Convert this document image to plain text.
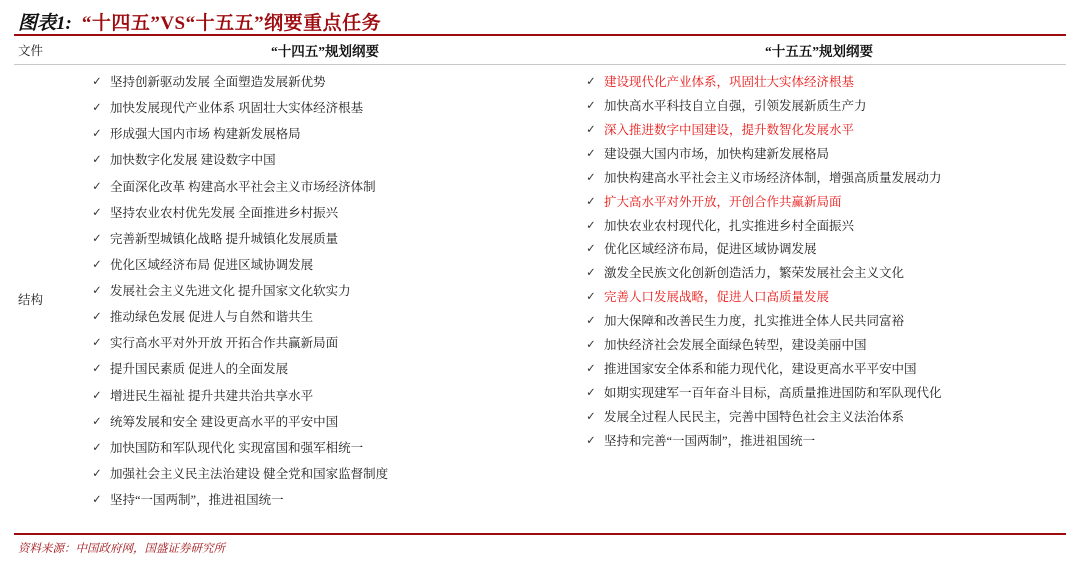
图表1: “十四五”VS“十五五”纲要重点任务
文件	“十四五”规划纲要	“十五五”规划纲要
结构
✓ 坚持创新驱动发展 全面塑造发展新优势
✓ 加快发展现代产业体系 巩固壮大实体经济根基
✓ 形成强大国内市场 构建新发展格局
✓ 加快数字化发展 建设数字中国
✓ 全面深化改革 构建高水平社会主义市场经济体制
✓ 坚持农业农村优先发展 全面推进乡村振兴
✓ 完善新型城镇化战略 提升城镇化发展质量
✓ 优化区域经济布局 促进区域协调发展
✓ 发展社会主义先进文化 提升国家文化软实力
✓ 推动绿色发展 促进人与自然和谐共生
✓ 实行高水平对外开放 开拓合作共赢新局面
✓ 提升国民素质 促进人的全面发展
✓ 增进民生福祉 提升共建共治共享水平
✓ 统筹发展和安全 建设更高水平的平安中国
✓ 加快国防和军队现代化 实现富国和强军相统一
✓ 加强社会主义民主法治建设 健全党和国家监督制度
✓ 坚持“一国两制”，推进祖国统一
✓ 建设现代化产业体系，巩固壮大实体经济根基
✓ 加快高水平科技自立自强，引领发展新质生产力
✓ 深入推进数字中国建设，提升数智化发展水平
✓ 建设强大国内市场，加快构建新发展格局
✓ 加快构建高水平社会主义市场经济体制，增强高质量发展动力
✓ 扩大高水平对外开放，开创合作共赢新局面
✓ 加快农业农村现代化，扎实推进乡村全面振兴
✓ 优化区域经济布局，促进区域协调发展
✓ 激发全民族文化创新创造活力，繁荣发展社会主义文化
✓ 完善人口发展战略，促进人口高质量发展
✓ 加大保障和改善民生力度，扎实推进全体人民共同富裕
✓ 加快经济社会发展全面绿色转型，建设美丽中国
✓ 推进国家安全体系和能力现代化，建设更高水平平安中国
✓ 如期实现建军一百年奋斗目标，高质量推进国防和军队现代化
✓ 发展全过程人民民主，完善中国特色社会主义法治体系
✓ 坚持和完善“一国两制”，推进祖国统一
资料来源：中国政府网，国盛证券研究所
